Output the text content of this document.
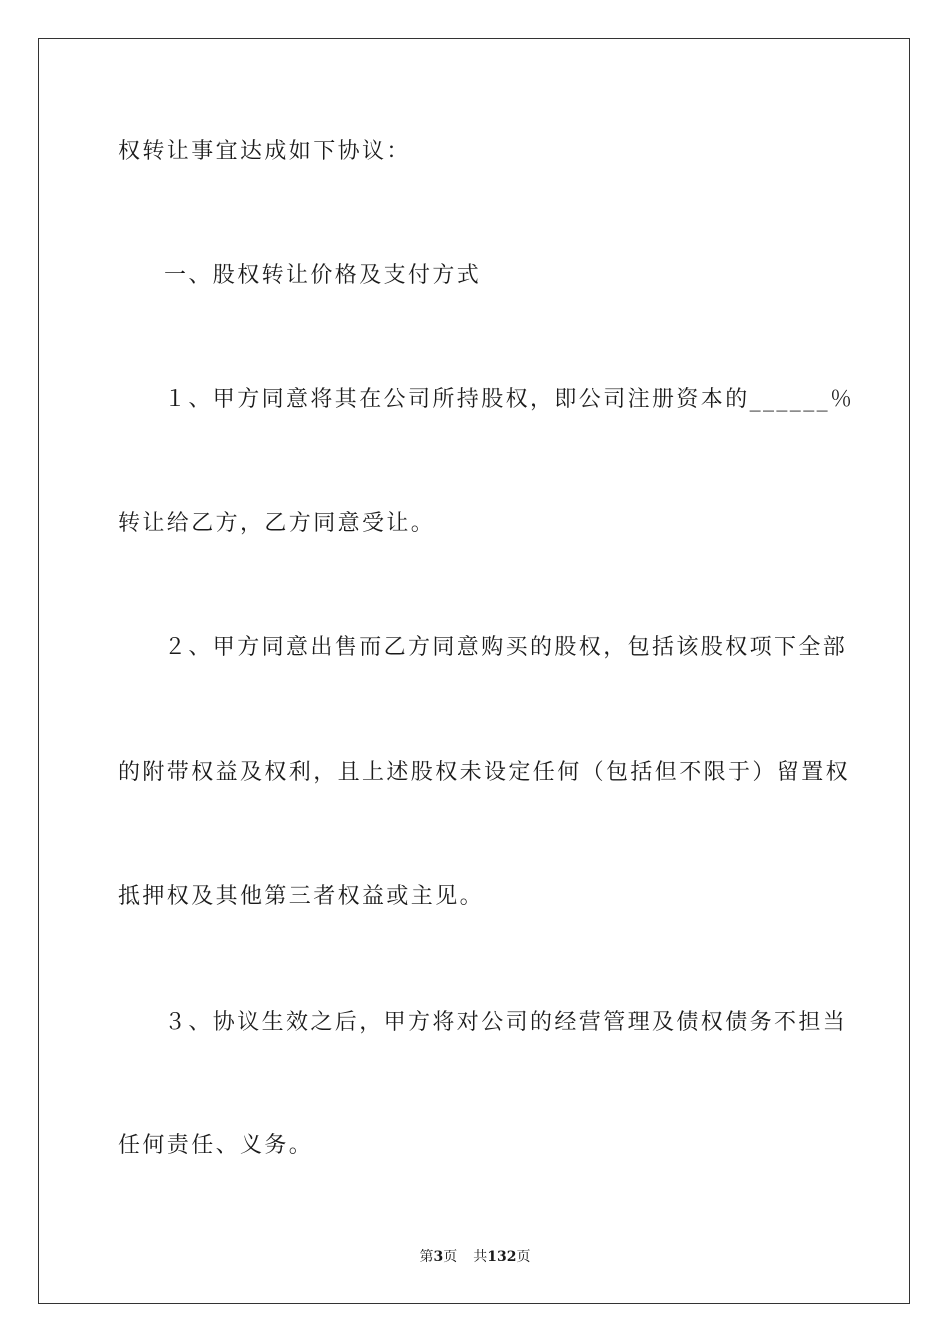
权转让事宜达成如下协议：
一、股权转让价格及支付方式
１、甲方同意将其在公司所持股权，即公司注册资本的______％
转让给乙方，乙方同意受让。
２、甲方同意出售而乙方同意购买的股权，包括该股权项下全部
的附带权益及权利，且上述股权未设定任何（包括但不限于）留置权
抵押权及其他第三者权益或主见。
３、协议生效之后，甲方将对公司的经营管理及债权债务不担当
任何责任、义务。
第3页 共132页
